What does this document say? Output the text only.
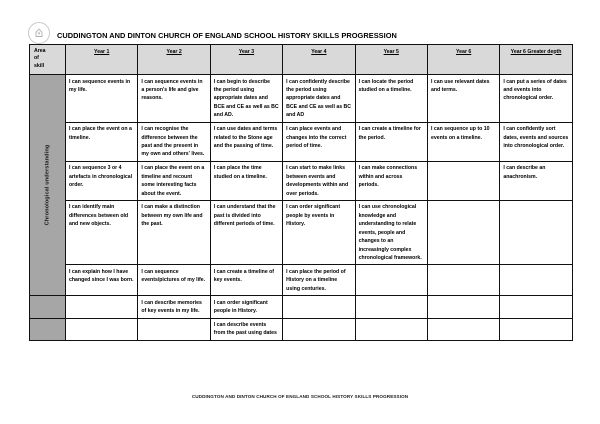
CUDDINGTON AND DINTON CHURCH OF ENGLAND SCHOOL HISTORY SKILLS PROGRESSION
Area
of
skill	Year 1	Year 2	Year 3	Year 4	Year 5	Year 6	Year 6 Greater depth

Chronological understanding	I can sequence events in my life.	I can sequence events in a person's life and give reasons.	I can begin to describe the period using appropriate dates and BCE and CE as well as BC and AD.	I can confidently describe the period using appropriate dates and BCE and CE as well as BC and AD	I can locate the period studied on a timeline.	I can use relevant dates and terms.	I can put a series of dates and events into chronological order.
	I can place the event on a timeline.	I can recognise the difference between the past and the present in my own and others' lives.	I can use dates and terms related to the Stone age and the passing of time.	I can place events and changes into the correct period of time.	I can create a timeline for the period.	I can sequence up to 10 events on a timeline.	I can confidently sort dates, events and sources into chronological order.
	I can sequence 3 or 4 artefacts in chronological order.	I can place the event on a timeline and recount some interesting facts about the event.	I can place the time studied on a timeline.	I can start to make links between events and developments within and over periods.	I can make connections within and across periods.		I can describe an anachronism.
	I can identify main differences between old and new objects.	I can make a distinction between my own life and the past.	I can understand that the past is divided into different periods of time.	I can order significant people by events in History.	I can use chronological knowledge and understanding to relate events, people and changes to an increasingly complex chronological framework.		
	I can explain how I have changed since I was born.	I can sequence events/pictures of my life.	I can create a timeline of key events.	I can place the period of History on a timeline using centuries.			
		I can describe memories of key events in my life.	I can order significant people in History.				
			I can describe events from the past using dates				
CUDDINGTON AND DINTON CHURCH OF ENGLAND SCHOOL HISTORY SKILLS PROGRESSION
